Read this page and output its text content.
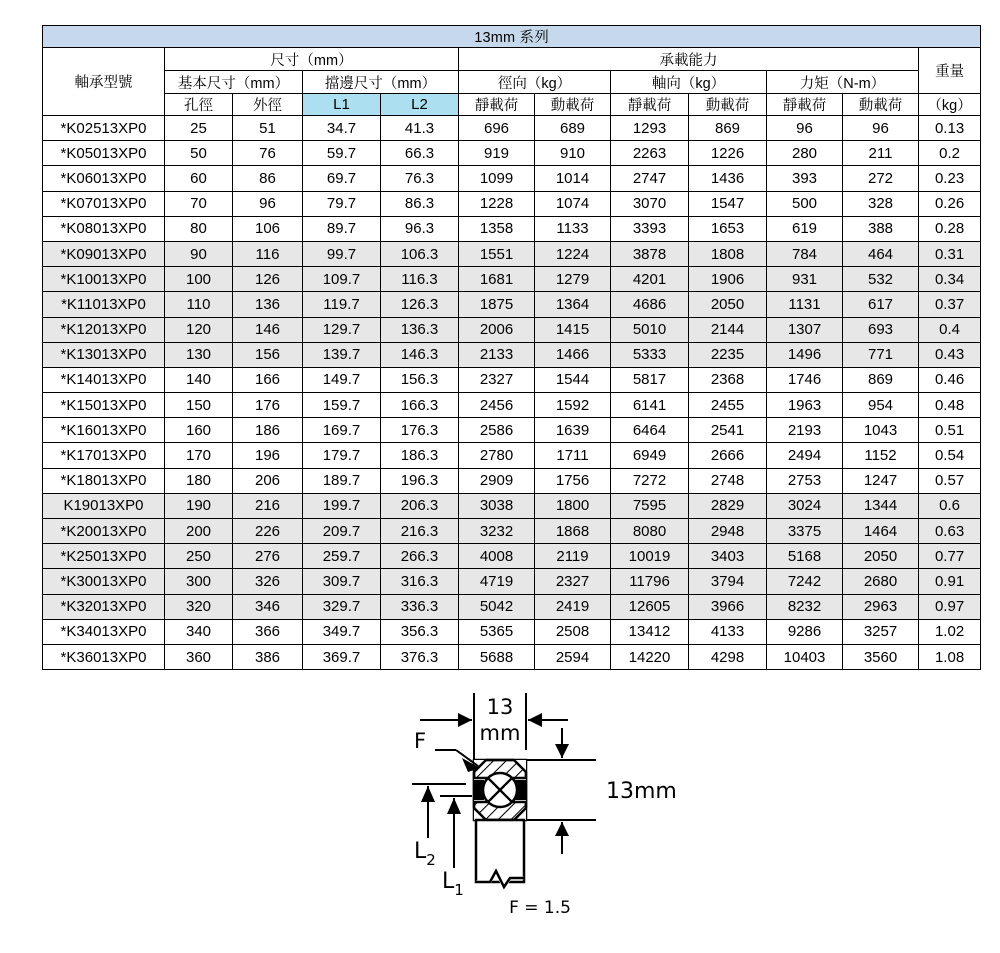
13mm 系列											
軸承型號	尺寸（mm）				承載能力						重量
	基本尺寸（mm）		擋邊尺寸（mm）		徑向（kg）		軸向（kg）		力矩（N-m）		
	孔徑	外徑	L1	L2	靜載荷	動載荷	靜載荷	動載荷	靜載荷	動載荷	（kg）
*K02513XP0	25	51	34.7	41.3	696	689	1293	869	96	96	0.13
*K05013XP0	50	76	59.7	66.3	919	910	2263	1226	280	211	0.2
*K06013XP0	60	86	69.7	76.3	1099	1014	2747	1436	393	272	0.23
*K07013XP0	70	96	79.7	86.3	1228	1074	3070	1547	500	328	0.26
*K08013XP0	80	106	89.7	96.3	1358	1133	3393	1653	619	388	0.28
*K09013XP0	90	116	99.7	106.3	1551	1224	3878	1808	784	464	0.31
*K10013XP0	100	126	109.7	116.3	1681	1279	4201	1906	931	532	0.34
*K11013XP0	110	136	119.7	126.3	1875	1364	4686	2050	1131	617	0.37
*K12013XP0	120	146	129.7	136.3	2006	1415	5010	2144	1307	693	0.4
*K13013XP0	130	156	139.7	146.3	2133	1466	5333	2235	1496	771	0.43
*K14013XP0	140	166	149.7	156.3	2327	1544	5817	2368	1746	869	0.46
*K15013XP0	150	176	159.7	166.3	2456	1592	6141	2455	1963	954	0.48
*K16013XP0	160	186	169.7	176.3	2586	1639	6464	2541	2193	1043	0.51
*K17013XP0	170	196	179.7	186.3	2780	1711	6949	2666	2494	1152	0.54
*K18013XP0	180	206	189.7	196.3	2909	1756	7272	2748	2753	1247	0.57
K19013XP0	190	216	199.7	206.3	3038	1800	7595	2829	3024	1344	0.6
*K20013XP0	200	226	209.7	216.3	3232	1868	8080	2948	3375	1464	0.63
*K25013XP0	250	276	259.7	266.3	4008	2119	10019	3403	5168	2050	0.77
*K30013XP0	300	326	309.7	316.3	4719	2327	11796	3794	7242	2680	0.91
*K32013XP0	320	346	329.7	336.3	5042	2419	12605	3966	8232	2963	0.97
*K34013XP0	340	366	349.7	356.3	5365	2508	13412	4133	9286	3257	1.02
*K36013XP0	360	386	369.7	376.3	5688	2594	14220	4298	10403	3560	1.08
13
mm
13mm
F
$L_2$
$L_1$
F = 1.5
